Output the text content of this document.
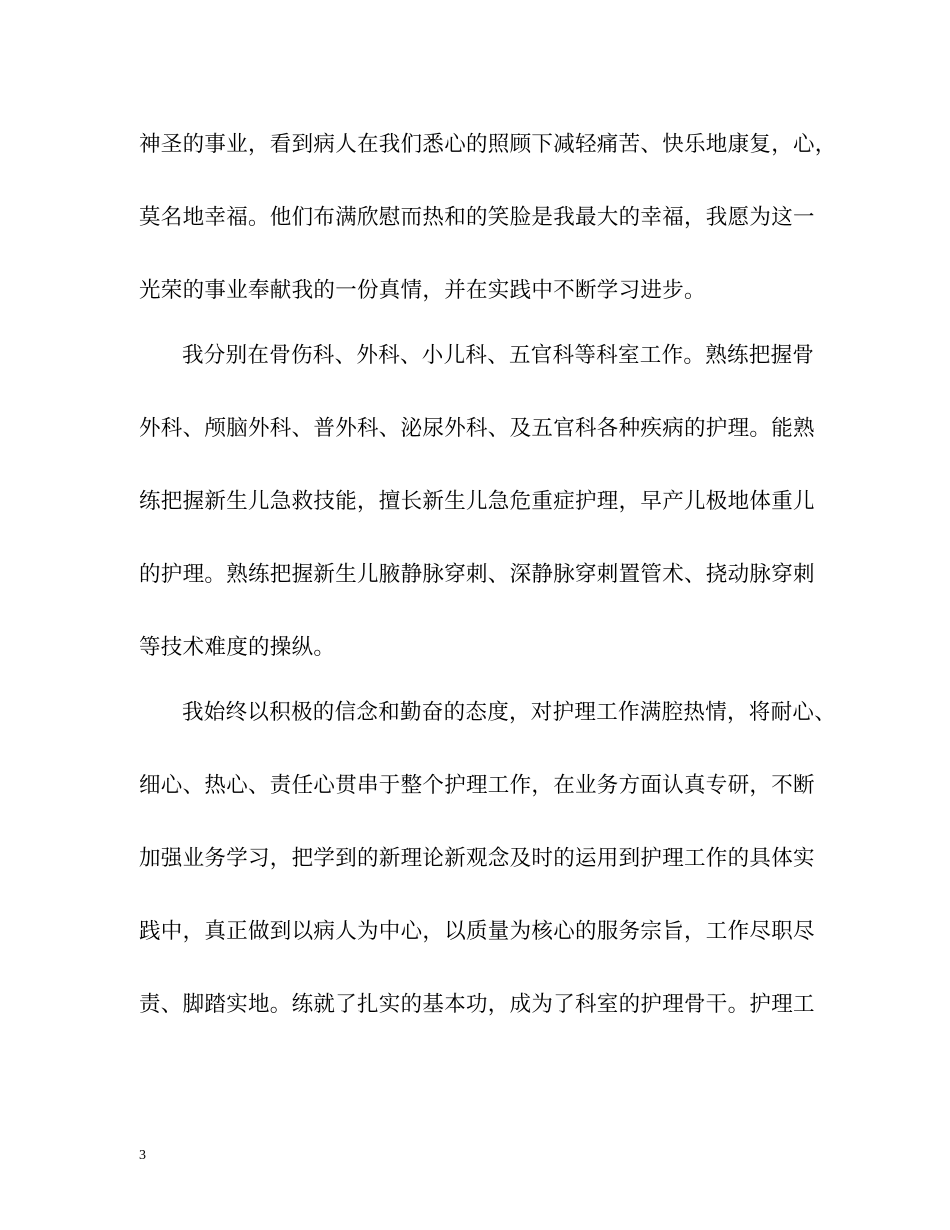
神圣的事业，看到病人在我们悉心的照顾下减轻痛苦、快乐地康复，心，
莫名地幸福。他们布满欣慰而热和的笑脸是我最大的幸福，我愿为这一
光荣的事业奉献我的一份真情，并在实践中不断学习进步。
我分别在骨伤科、外科、小儿科、五官科等科室工作。熟练把握骨
外科、颅脑外科、普外科、泌尿外科、及五官科各种疾病的护理。能熟
练把握新生儿急救技能，擅长新生儿急危重症护理，早产儿极地体重儿
的护理。熟练把握新生儿腋静脉穿刺、深静脉穿刺置管术、挠动脉穿刺
等技术难度的操纵。
我始终以积极的信念和勤奋的态度，对护理工作满腔热情，将耐心、
细心、热心、责任心贯串于整个护理工作，在业务方面认真专研，不断
加强业务学习，把学到的新理论新观念及时的运用到护理工作的具体实
践中，真正做到以病人为中心，以质量为核心的服务宗旨，工作尽职尽
责、脚踏实地。练就了扎实的基本功，成为了科室的护理骨干。护理工
3
